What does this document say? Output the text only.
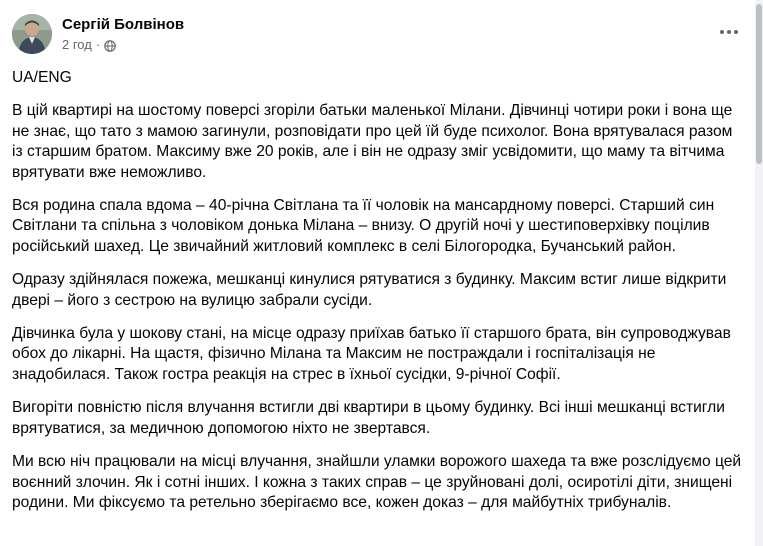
Сергій Болвінов
2 год ·

UA/ENG

В цій квартирі на шостому поверсі згоріли батьки маленької Мілани. Дівчинці чотири роки і вона ще не знає, що тато з мамою загинули, розповідати про цей їй буде психолог. Вона врятувалася разом із старшим братом. Максиму вже 20 років, але і він не одразу зміг усвідомити, що маму та вітчима врятувати вже неможливо.

Вся родина спала вдома – 40-річна Світлана та її чоловік на мансардному поверсі. Старший син Світлани та спільна з чоловіком донька Мілана – внизу. О другій ночі у шестиповерхівку поцілив російський шахед. Це звичайний житловий комплекс в селі Білогородка, Бучанський район.

Одразу здійнялася пожежа, мешканці кинулися рятуватися з будинку. Максим встиг лише відкрити двері – його з сестрою на вулицю забрали сусіди.

Дівчинка була у шокову стані, на місце одразу приїхав батько її старшого брата, він супроводжував обох до лікарні. На щастя, фізично Мілана та Максим не постраждали і госпіталізація не знадобилася. Також гостра реакція на стрес в їхньої сусідки, 9-річної Софії.

Вигоріти повністю після влучання встигли дві квартири в цьому будинку. Всі інші мешканці встигли врятуватися, за медичною допомогою ніхто не звертався.

Ми всю ніч працювали на місці влучання, знайшли уламки ворожого шахеда та вже розслідуємо цей воєнний злочин. Як і сотні інших. І кожна з таких справ – це зруйновані долі, осиротілі діти, знищені родини. Ми фіксуємо та ретельно зберігаємо все, кожен доказ – для майбутніх трибуналів.
